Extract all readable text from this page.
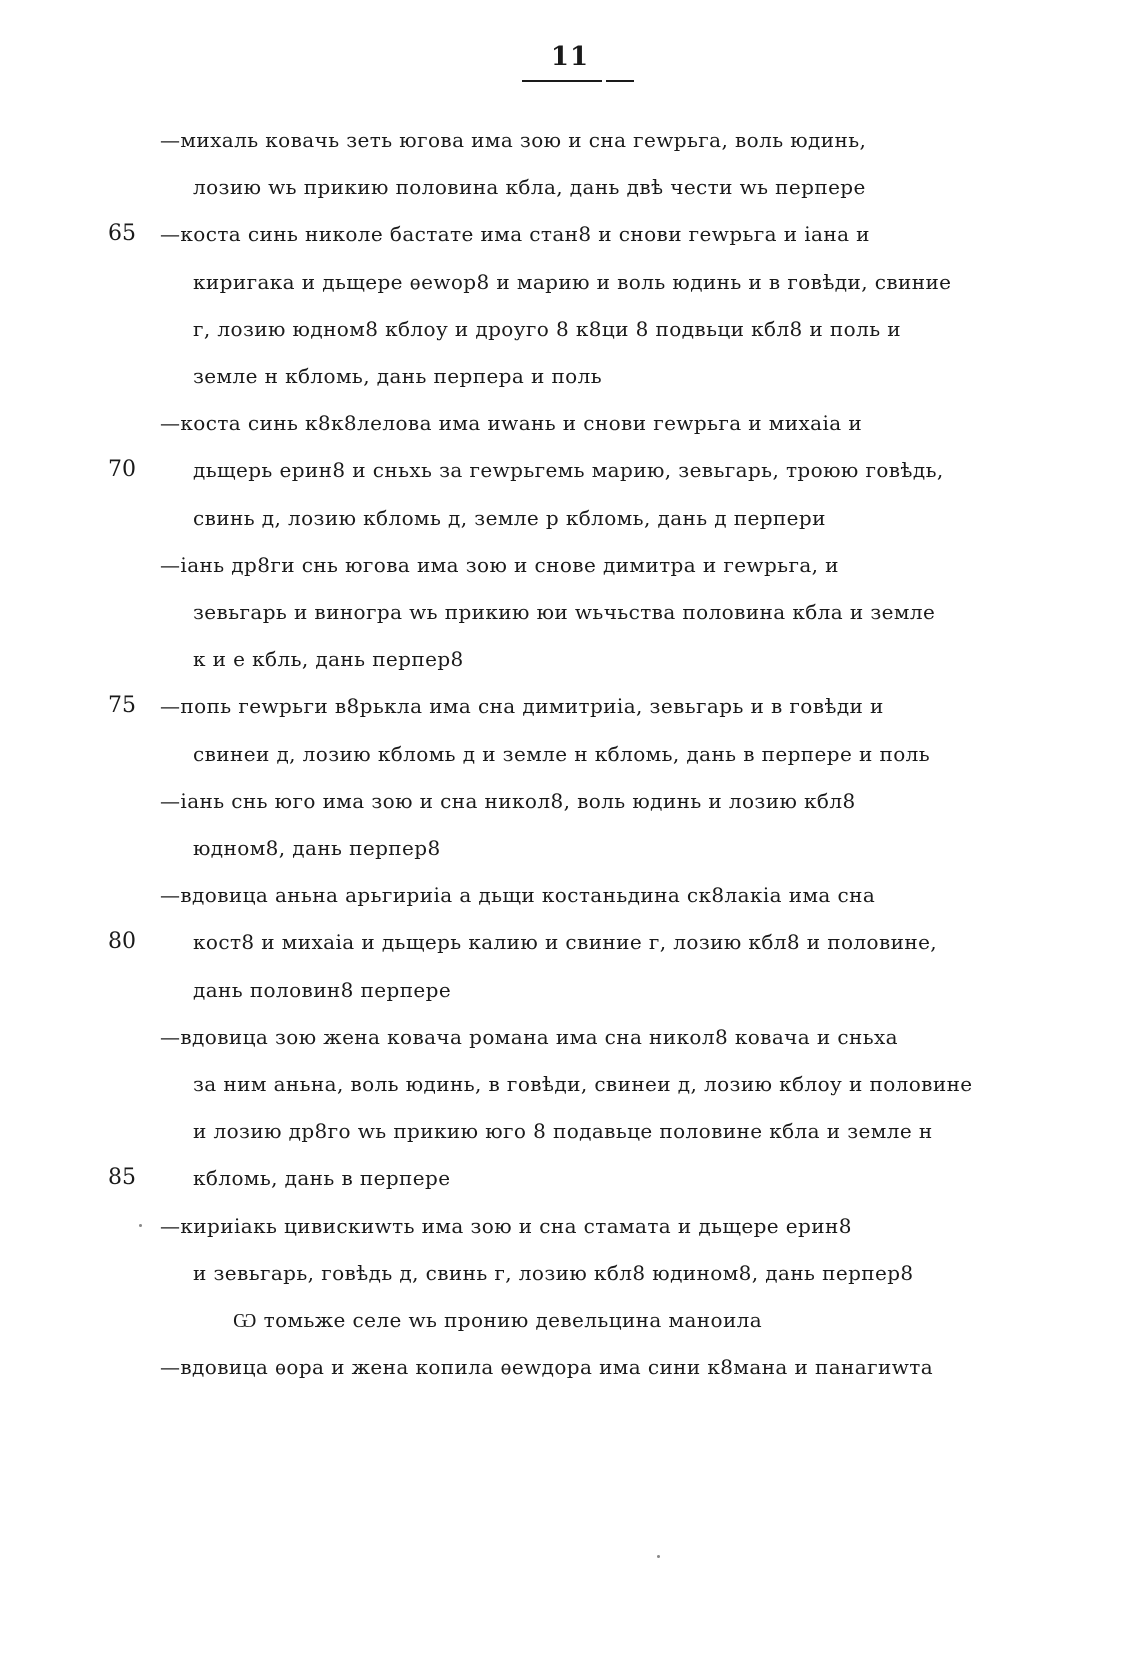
11
—михаль ковачь зеть югова има зою и сна геwрьга, воль юдинь,
лозию wь прикию половина кбла, дань двѣ чести wь перпере
65	—коста синь николе бастате има стан8 и снови геwрьга и iана и
киригака и дьщере ѳеwор8 и марию и воль юдинь и в говѣди, свиние
г, лозию юдном8 кблоу и дроуго 8 к8ци 8 подвьци кбл8 и поль и
земле н кбломь, дань перпера и поль
—коста синь к8к8лелова има иwань и снови геwрьга и михаiа и
70	дьщерь ерин8 и сньхь за геwрьгемь марию, зевьгарь, троюю говѣдь,
свинь д, лозию кбломь д, земле р кбломь, дань д перпери
—iань др8ги снь югова има зою и снове димитра и геwрьга, и
зевьгарь и виногра wь прикию юи wьчьства половина кбла и земле
к и е кбль, дань перпер8
75	—попь геwрьги в8рькла има сна димитриiа, зевьгарь и в говѣди и
свинеи д, лозию кбломь д и земле н кбломь, дань в перпере и поль
—iань снь юго има зою и сна никол8, воль юдинь и лозию кбл8
юдном8, дань перпер8
—вдовица аньна арьгириiа а дьщи костаньдина ск8лакiа има сна
80	кост8 и михаiа и дьщерь калию и свиние г, лозию кбл8 и половине,
дань половин8 перпере
—вдовица зою жена ковача романа има сна никол8 ковача и сньха
за ним аньна, воль юдинь, в говѣди, свинеи д, лозию кблоу и половине
и лозию др8го wь прикию юго 8 подавьце половине кбла и земле н
85	кбломь, дань в перпере
—кириiакь цивискиwть има зою и сна стамата и дьщере ерин8
и зевьгарь, говѣдь д, свинь г, лозию кбл8 юдином8, дань перпер8
Ѡ томьже селе wь пронию девельцина маноила
—вдовица ѳора и жена копила ѳеwдора има сини к8мана и панагиwта
